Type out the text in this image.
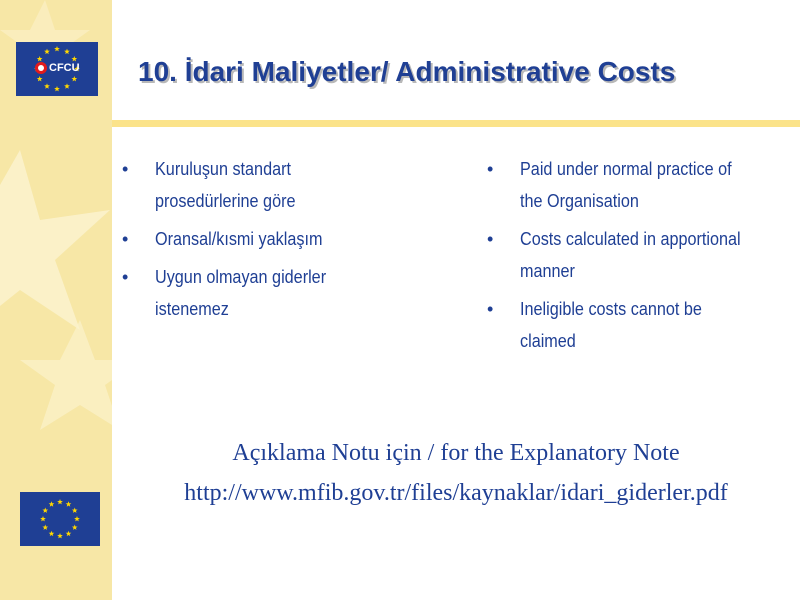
CFCU 10. İdari Maliyetler/ Administrative Costs
• Kuruluşun standart prosedürlerine göre
• Oransal/kısmi yaklaşım
• Uygun olmayan giderler istenemez
• Paid under normal practice of the Organisation
• Costs calculated in apportional manner
• Ineligible costs cannot be claimed
Açıklama Notu için / for the Explanatory Note
http://www.mfib.gov.tr/files/kaynaklar/idari_giderler.pdf
